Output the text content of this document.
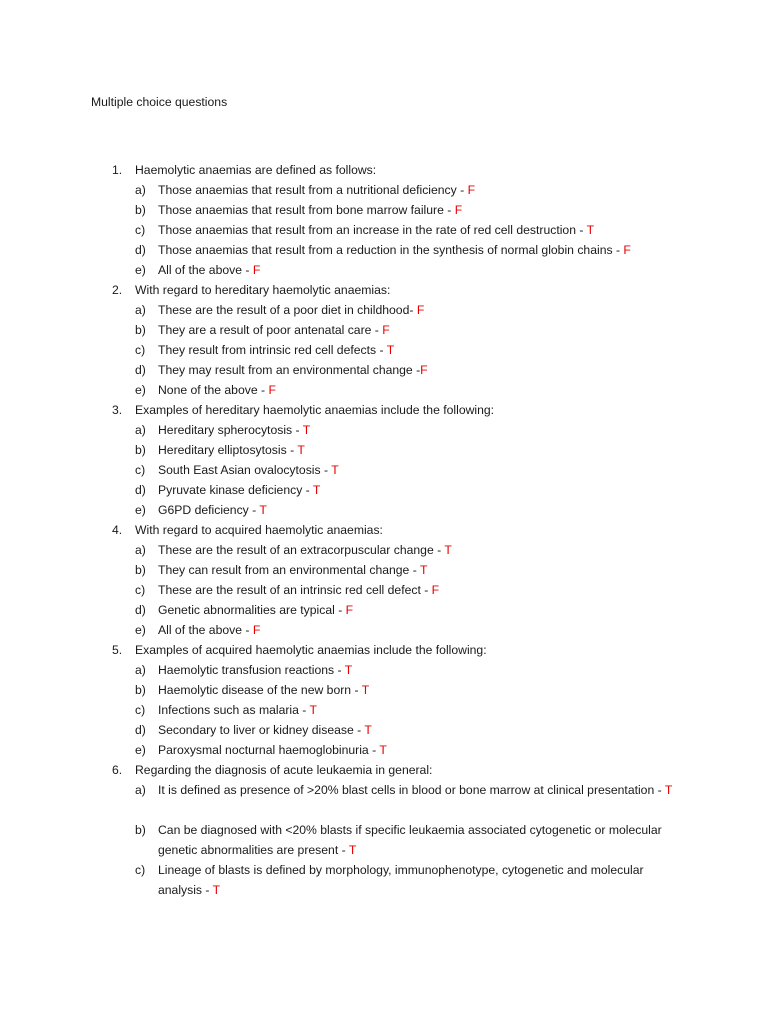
Multiple choice questions
1. Haemolytic anaemias are defined as follows:
a) Those anaemias that result from a nutritional deficiency - F
b) Those anaemias that result from bone marrow failure - F
c) Those anaemias that result from an increase in the rate of red cell destruction - T
d) Those anaemias that result from a reduction in the synthesis of normal globin chains - F
e) All of the above - F
2. With regard to hereditary haemolytic anaemias:
a) These are the result of a poor diet in childhood- F
b) They are a result of poor antenatal care - F
c) They result from intrinsic red cell defects - T
d) They may result from an environmental change -F
e) None of the above - F
3. Examples of hereditary haemolytic anaemias include the following:
a) Hereditary spherocytosis - T
b) Hereditary elliptosytosis - T
c) South East Asian ovalocytosis - T
d) Pyruvate kinase deficiency - T
e) G6PD deficiency - T
4. With regard to acquired haemolytic anaemias:
a) These are the result of an extracorpuscular change - T
b) They can result from an environmental change - T
c) These are the result of an intrinsic red cell defect - F
d) Genetic abnormalities are typical - F
e) All of the above - F
5. Examples of acquired haemolytic anaemias include the following:
a) Haemolytic transfusion reactions - T
b) Haemolytic disease of the new born - T
c) Infections such as malaria - T
d) Secondary to liver or kidney disease - T
e) Paroxysmal nocturnal haemoglobinuria - T
6. Regarding the diagnosis of acute leukaemia in general:
a) It is defined as presence of >20% blast cells in blood or bone marrow at clinical presentation - T
b) Can be diagnosed with <20% blasts if specific leukaemia associated cytogenetic or molecular genetic abnormalities are present - T
c) Lineage of blasts is defined by morphology, immunophenotype, cytogenetic and molecular analysis - T
